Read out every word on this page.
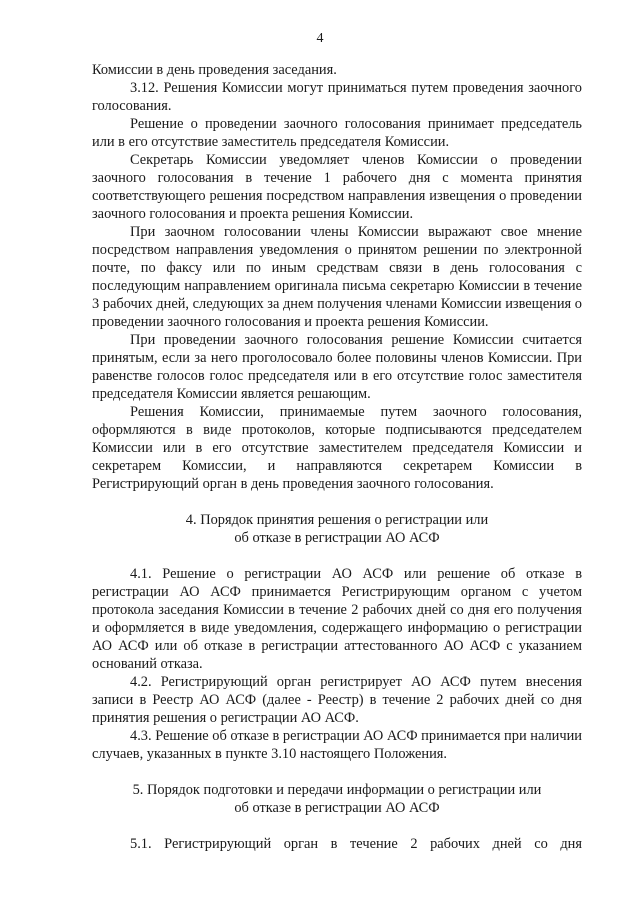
4

Комиссии в день проведения заседания.

3.12. Решения Комиссии могут приниматься путем проведения заочного голосования.

Решение о проведении заочного голосования принимает председатель или в его отсутствие заместитель председателя Комиссии.

Секретарь Комиссии уведомляет членов Комиссии о проведении заочного голосования в течение 1 рабочего дня с момента принятия соответствующего решения посредством направления извещения о проведении заочного голосования и проекта решения Комиссии.

При заочном голосовании члены Комиссии выражают свое мнение посредством направления уведомления о принятом решении по электронной почте, по факсу или по иным средствам связи в день голосования с последующим направлением оригинала письма секретарю Комиссии в течение 3 рабочих дней, следующих за днем получения членами Комиссии извещения о проведении заочного голосования и проекта решения Комиссии.

При проведении заочного голосования решение Комиссии считается принятым, если за него проголосовало более половины членов Комиссии. При равенстве голосов голос председателя или в его отсутствие голос заместителя председателя Комиссии является решающим.

Решения Комиссии, принимаемые путем заочного голосования, оформляются в виде протоколов, которые подписываются председателем Комиссии или в его отсутствие заместителем председателя Комиссии и секретарем Комиссии, и направляются секретарем Комиссии в Регистрирующий орган в день проведения заочного голосования.

4. Порядок принятия решения о регистрации или
об отказе в регистрации АО АСФ

4.1. Решение о регистрации АО АСФ или решение об отказе в регистрации АО АСФ принимается Регистрирующим органом с учетом протокола заседания Комиссии в течение 2 рабочих дней со дня его получения и оформляется в виде уведомления, содержащего информацию о регистрации АО АСФ или об отказе в регистрации аттестованного АО АСФ с указанием оснований отказа.

4.2. Регистрирующий орган регистрирует АО АСФ путем внесения записи в Реестр АО АСФ (далее - Реестр) в течение 2 рабочих дней со дня принятия решения о регистрации АО АСФ.

4.3. Решение об отказе в регистрации АО АСФ принимается при наличии случаев, указанных в пункте 3.10 настоящего Положения.

5. Порядок подготовки и передачи информации о регистрации или
об отказе в регистрации АО АСФ

5.1. Регистрирующий орган в течение 2 рабочих дней со дня
